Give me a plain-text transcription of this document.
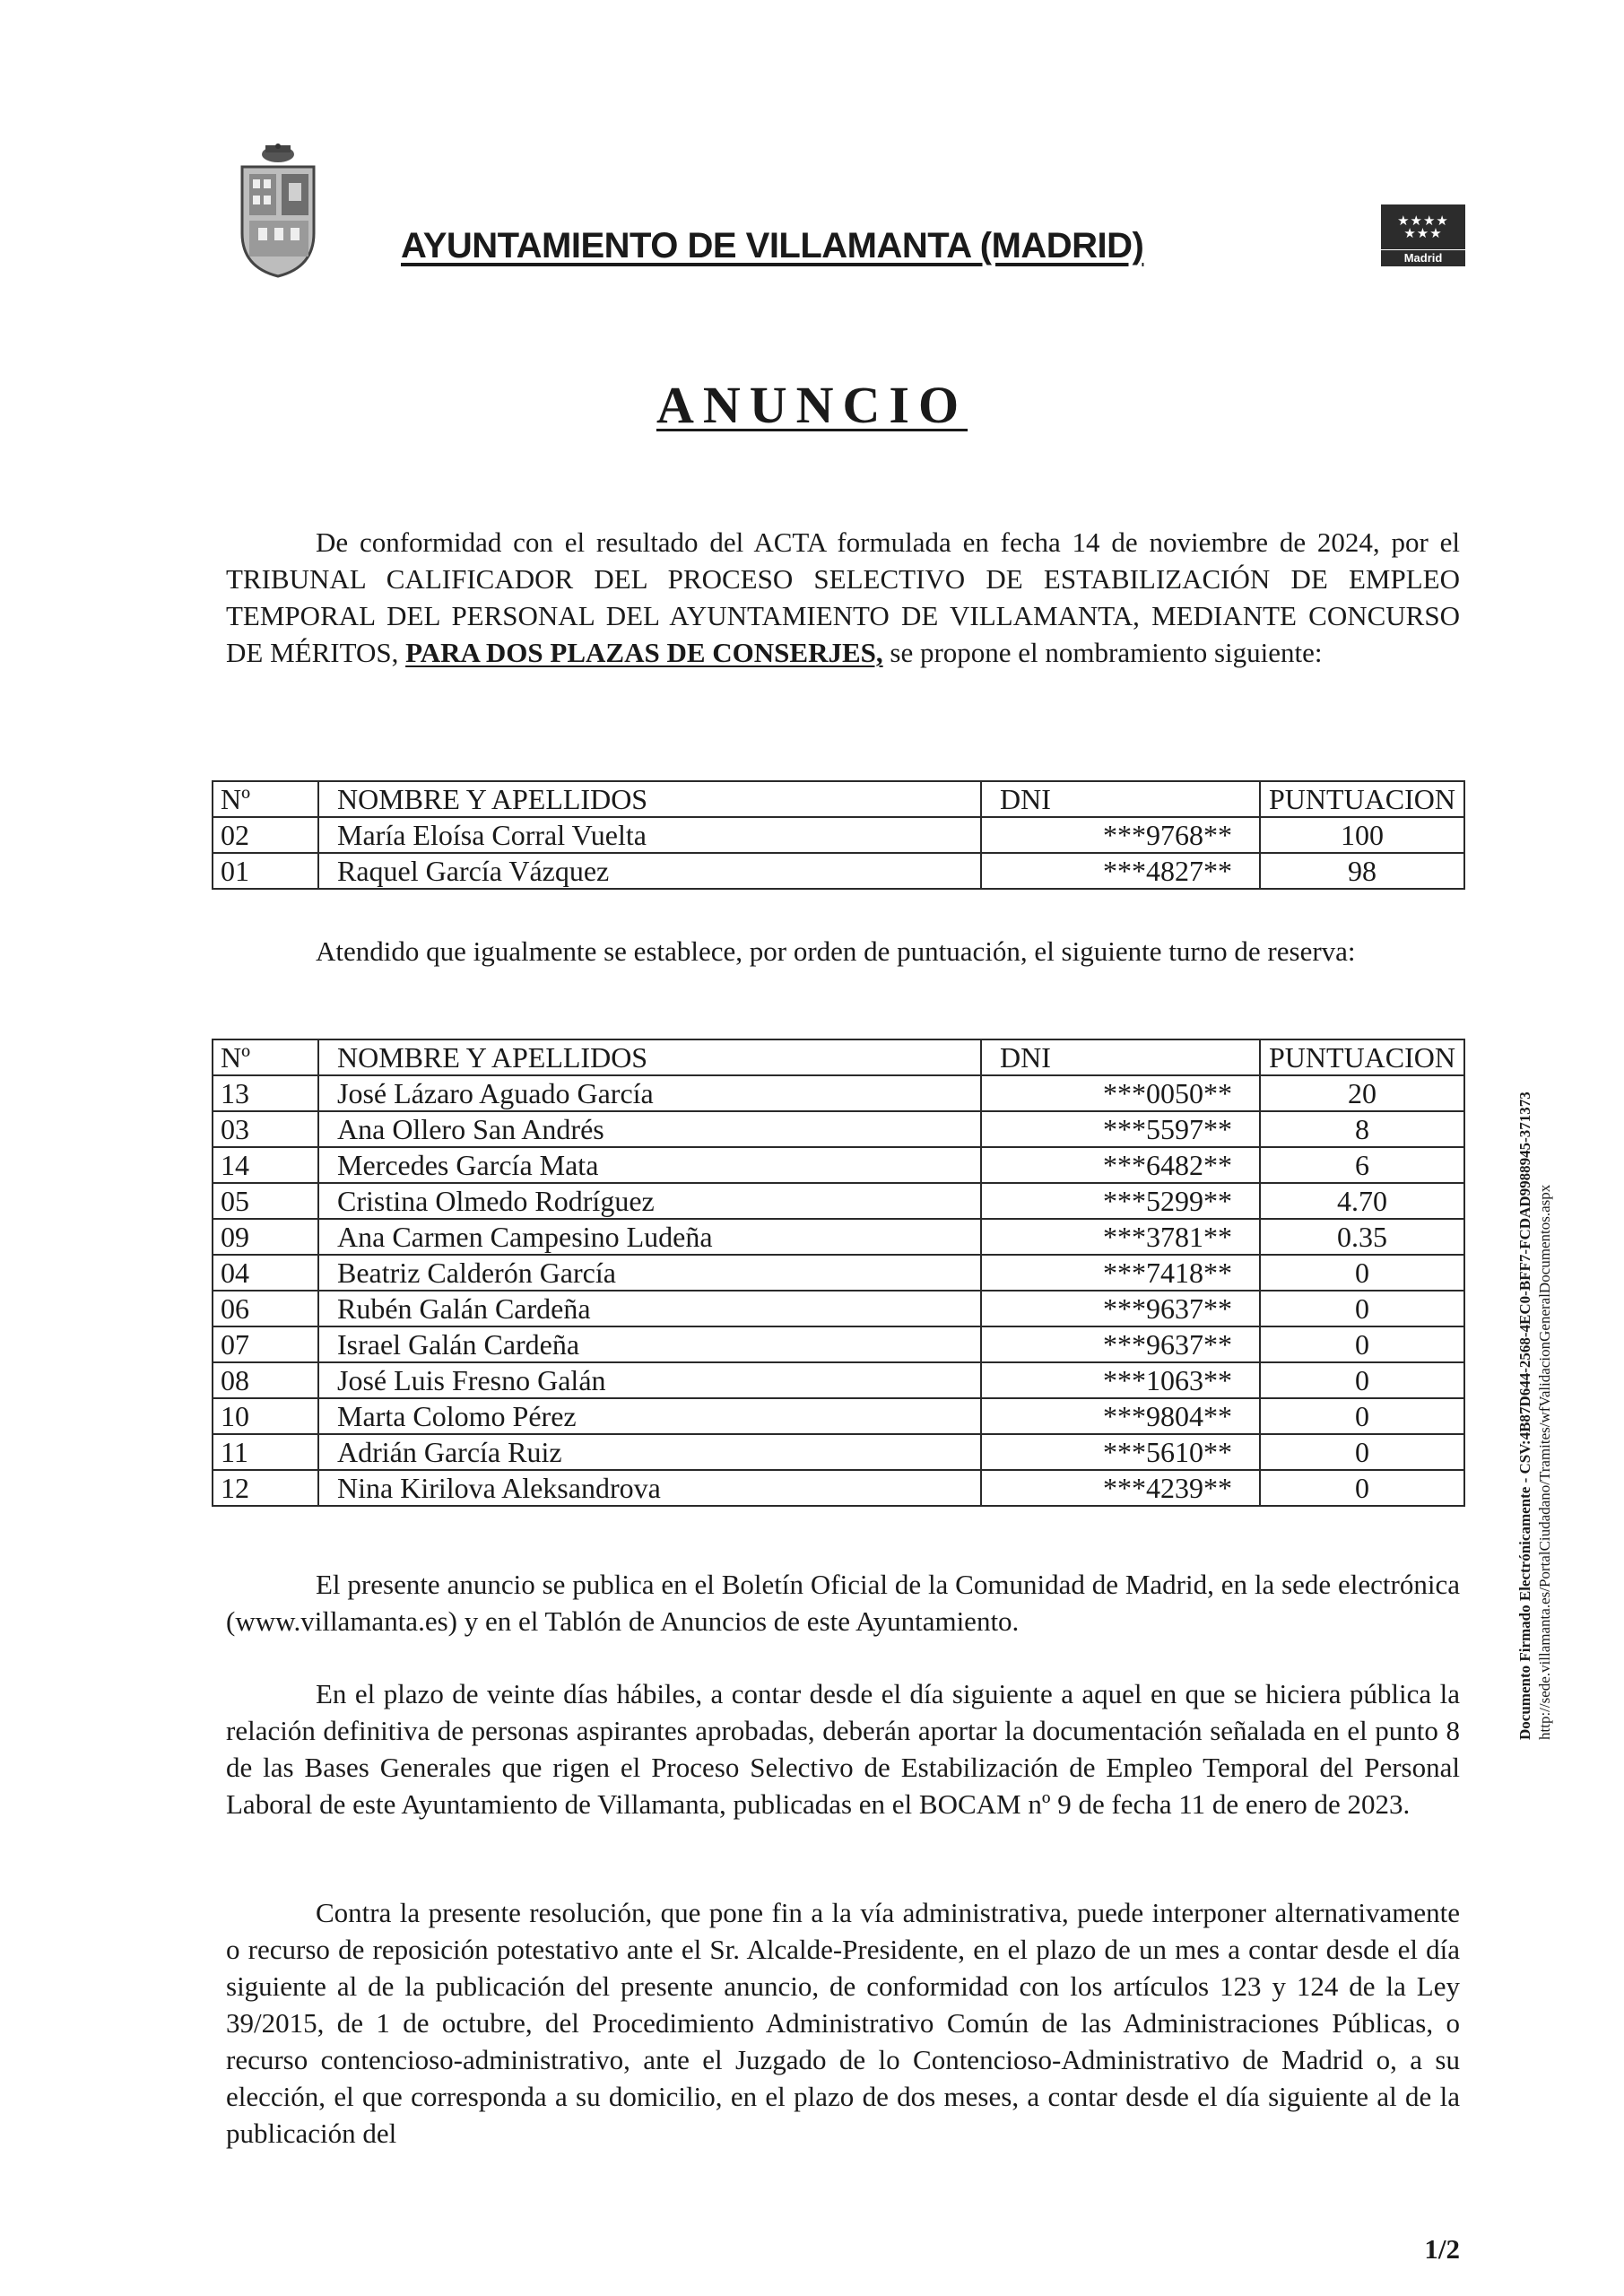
AYUNTAMIENTO DE VILLAMANTA (MADRID)
★★★★
★★★
Madrid
ANUNCIO

De conformidad con el resultado del ACTA formulada en fecha 14 de noviembre de 2024, por el TRIBUNAL CALIFICADOR DEL PROCESO SELECTIVO DE ESTABILIZACIÓN DE EMPLEO TEMPORAL DEL PERSONAL DEL AYUNTAMIENTO DE VILLAMANTA, MEDIANTE CONCURSO DE MÉRITOS, PARA DOS PLAZAS DE CONSERJES, se propone el nombramiento siguiente:

Nº	NOMBRE Y APELLIDOS	DNI	PUNTUACION
02	María Eloísa Corral Vuelta	***9768**	100
01	Raquel García Vázquez	***4827**	98

Atendido que igualmente se establece, por orden de puntuación, el siguiente turno de reserva:

Nº	NOMBRE Y APELLIDOS	DNI	PUNTUACION
13	José Lázaro Aguado García	***0050**	20
03	Ana Ollero San Andrés	***5597**	8
14	Mercedes García Mata	***6482**	6
05	Cristina Olmedo Rodríguez	***5299**	4.70
09	Ana Carmen Campesino Ludeña	***3781**	0.35
04	Beatriz Calderón García	***7418**	0
06	Rubén Galán Cardeña	***9637**	0
07	Israel Galán Cardeña	***9637**	0
08	José Luis Fresno Galán	***1063**	0
10	Marta Colomo Pérez	***9804**	0
11	Adrián García Ruiz	***5610**	0
12	Nina Kirilova Aleksandrova	***4239**	0

El presente anuncio se publica en el Boletín Oficial de la Comunidad de Madrid, en la sede electrónica (www.villamanta.es) y en el Tablón de Anuncios de este Ayuntamiento.

En el plazo de veinte días hábiles, a contar desde el día siguiente a aquel en que se hiciera pública la relación definitiva de personas aspirantes aprobadas, deberán aportar la documentación señalada en el punto 8 de las Bases Generales que rigen el Proceso Selectivo de Estabilización de Empleo Temporal del Personal Laboral de este Ayuntamiento de Villamanta, publicadas en el BOCAM nº 9 de fecha 11 de enero de 2023.

Contra la presente resolución, que pone fin a la vía administrativa, puede interponer alternativamente o recurso de reposición potestativo ante el Sr. Alcalde-Presidente, en el plazo de un mes a contar desde el día siguiente al de la publicación del presente anuncio, de conformidad con los artículos 123 y 124 de la Ley 39/2015, de 1 de octubre, del Procedimiento Administrativo Común de las Administraciones Públicas, o recurso contencioso-administrativo, ante el Juzgado de lo Contencioso-Administrativo de Madrid o, a su elección, el que corresponda a su domicilio, en el plazo de dos meses, a contar desde el día siguiente al de la publicación del

1/2
Documento Firmado Electrónicamente - CSV:4B87D644-2568-4EC0-BFF7-FCDAD9988945-371373 http://sede.villamanta.es/PortalCiudadano/Tramites/wfValidacionGeneralDocumentos.aspx
